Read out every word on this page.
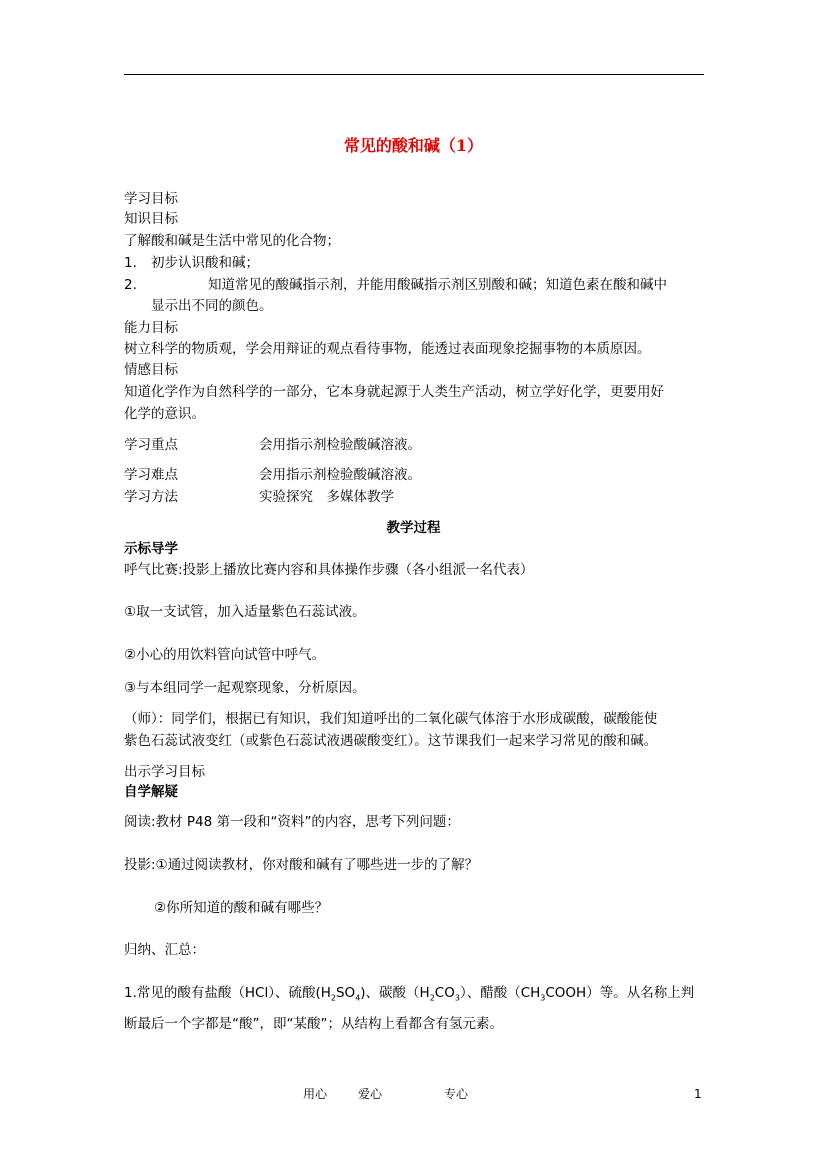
常见的酸和碱（1）
学习目标
知识目标
了解酸和碱是生活中常见的化合物；
1. 初步认识酸和碱；
2.	知道常见的酸碱指示剂，并能用酸碱指示剂区别酸和碱；知道色素在酸和碱中
显示出不同的颜色。
能力目标
树立科学的物质观，学会用辩证的观点看待事物，能透过表面现象挖掘事物的本质原因。
情感目标
知道化学作为自然科学的一部分，它本身就起源于人类生产活动，树立学好化学，更要用好
化学的意识。
学习重点	会用指示剂检验酸碱溶液。
学习难点	会用指示剂检验酸碱溶液。
学习方法	实验探究　多媒体教学
教学过程
示标导学
呼气比赛:投影上播放比赛内容和具体操作步骤（各小组派一名代表）
①取一支试管，加入适量紫色石蕊试液。
②小心的用饮料管向试管中呼气。
③与本组同学一起观察现象，分析原因。
（师）：同学们，根据已有知识，我们知道呼出的二氧化碳气体溶于水形成碳酸，碳酸能使
紫色石蕊试液变红（或紫色石蕊试液遇碳酸变红）。这节课我们一起来学习常见的酸和碱。
出示学习目标
自学解疑
阅读:教材 P48 第一段和“资料”的内容，思考下列问题：
投影:①通过阅读教材，你对酸和碱有了哪些进一步的了解？
②你所知道的酸和碱有哪些？
归纳、汇总：
1.常见的酸有盐酸（HCl）、硫酸$(H_2SO_4)$、碳酸$(H_2CO_3)$、醋酸$(CH_3COOH)$等。从名称上判
断最后一个字都是“酸”，即“某酸”；从结构上看都含有氢元素。
用心	爱心	专心	1
